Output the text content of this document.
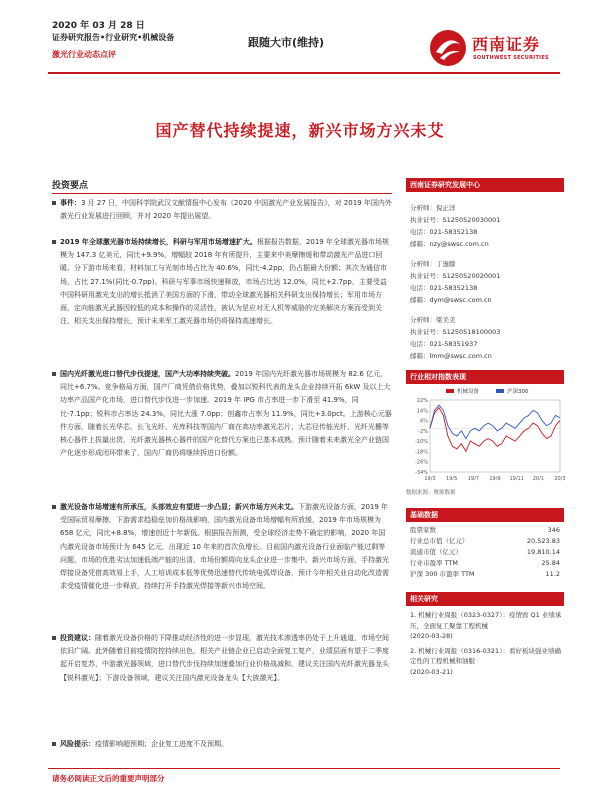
2020 年 03 月 28 日
证券研究报告•行业研究•机械设备
激光行业动态点评
跟随大市(维持)	西南证券
SOUTHWEST SECURITIES
国产替代持续提速，新兴市场方兴未艾
投资要点
事件：3 月 27 日，中国科学院武汉文献情报中心发布《2020 中国激光产业发展报告》，对 2019 年国内外激光行业发展进行回顾，并对 2020 年提出展望。
2019 年全球激光器市场持续增长，科研与军用市场增速扩大。根据报告数据，2019 年全球激光器市场规模为 147.3 亿美元，同比+9.9%，增幅较 2018 年有所提升，主要来中美摩擦缓和带动激光产品进口回暖。分下游市场来看，材料加工与光刻市场占比为 40.6%，同比-4.2pp，仍占据最大份额；其次为通信市场，占比 27.1%(同比-0.7pp)。科研与军事市场快速释放，市场占比达 12.0%，同比+2.7pp，主要受益中国科研用激光支出的增长抵消了美国方面的下滑，带动全球激光器相关科研支出保持增长；军用市场方面，定向能激光武器因较低的成本和操作的灵活性，被认为是应对无人机等威胁的完美解决方案而受到关注，相关支出保持增长，预计未来军工激光器市场仍将保持高速增长。
国内光纤激光进口替代步伐提速，国产大功率持续突破。2019 年国内光纤激光器市场规模为 82.6 亿元，同比+6.7%。竞争格局方面，国产厂商凭借价格优势，叠加以锐科代表的龙头企业持续开拓 6kW 及以上大功率产品国产化市场，进口替代步伐进一步加速。2019 年 IPG 市占率进一步下滑至 41.9%，同比-7.1pp；锐科市占率达 24.3%，同比大涨 7.0pp；创鑫市占率为 11.9%，同比+3.0pct。上游核心元器件方面，随着长光华芯、长飞光纤、光库科技等国内厂商在高功率激光芯片、大芯径传能光纤、光纤光栅等核心器件上拔量出货，光纤激光器核心器件的国产化替代方案也已基本成熟。预计随着未来激光全产业链国产化逐步形成闭环带来了，国内厂商仍将继续拆进口份额。
激光设备市场增速有所承压，头部效应有望进一步凸显；新兴市场方兴未艾。下游激光设备方面，2019 年受国际贸易摩擦、下游需求趋稳垒加价格战影响，国内激光设备市场增幅有所放缓，2019 年市场规模为 658 亿元，同比+8.8%，增速创近十年新低。根据报告预测，受全球经济走势不确定的影响，2020 年国内激光设备市场预计为 645 亿元，出现近 10 年来的首次负增长。目前国内激光设备行业面临产能过剩等问题，市场的优胜劣汰加速低端产能的出清，市场份额将向龙头企业进一步集中。新兴市场方面，手持激光焊接设备凭借高效易上手，人工培训成本低等优势迅速替代传统电弧焊设备，预计今年相关业自动化改造需求受疫情催化进一步释放，持续打开手持激光焊接等新兴市场空间。
投资建议：随着激光设备价格的下降推动经济性的进一步显现，激光技术渗透率仍处于上升通道，市场空间依旧广阔。此外随着目前疫情防控持续出色，相关产业链企业已启动全面复工复产，业绩层面有望于二季度起开启复苏，中游激光器领域，进口替代步伐持续加速叠加行业价格战减和，建议关注国内光纤激光器龙头【锐科激光】；下游设备领域，建议关注国内激光设备龙头【大族激光】。
风险提示：疫情影响超预期；企业复工进度不及预期。
西南证券研究发展中心
分析师：倪正洋
执业证号：S1250520030001
电话：021-58352138
邮箱：nzy@swsc.com.cn
分析师：丁逸朦
执业证号：S1250520020001
电话：021-58352138
邮箱：dym@swsc.com.cn
分析师：梁美美
执业证号：S1250518100003
电话：021-58351937
邮箱：lmm@swsc.com.cn
行业相对指数表现
22%
14%
6%
-2%
-10%
-18%
-26%
-34%
19/3 19/5 19/7 19/9 19/11 20/1 20/3
机械设备	沪深300
数据来源：聚源数据
基础数据
股票家数	346
行业总市值（亿元）	20,523.83
流通市值（亿元）	19,810.14
行业市盈率 TTM	25.84
沪深 300 市盈率 TTM	11.2
相关研究
1. 机械行业周报（0323-0327）：疫情致 Q1 业绩承压，全面复工聚靠工程机械
(2020-03-28)
2. 机械行业周报（0316-0321）：看好板块强业绩确定性的工程机械和油服
(2020-03-21)
请务必阅读正文后的重要声明部分
